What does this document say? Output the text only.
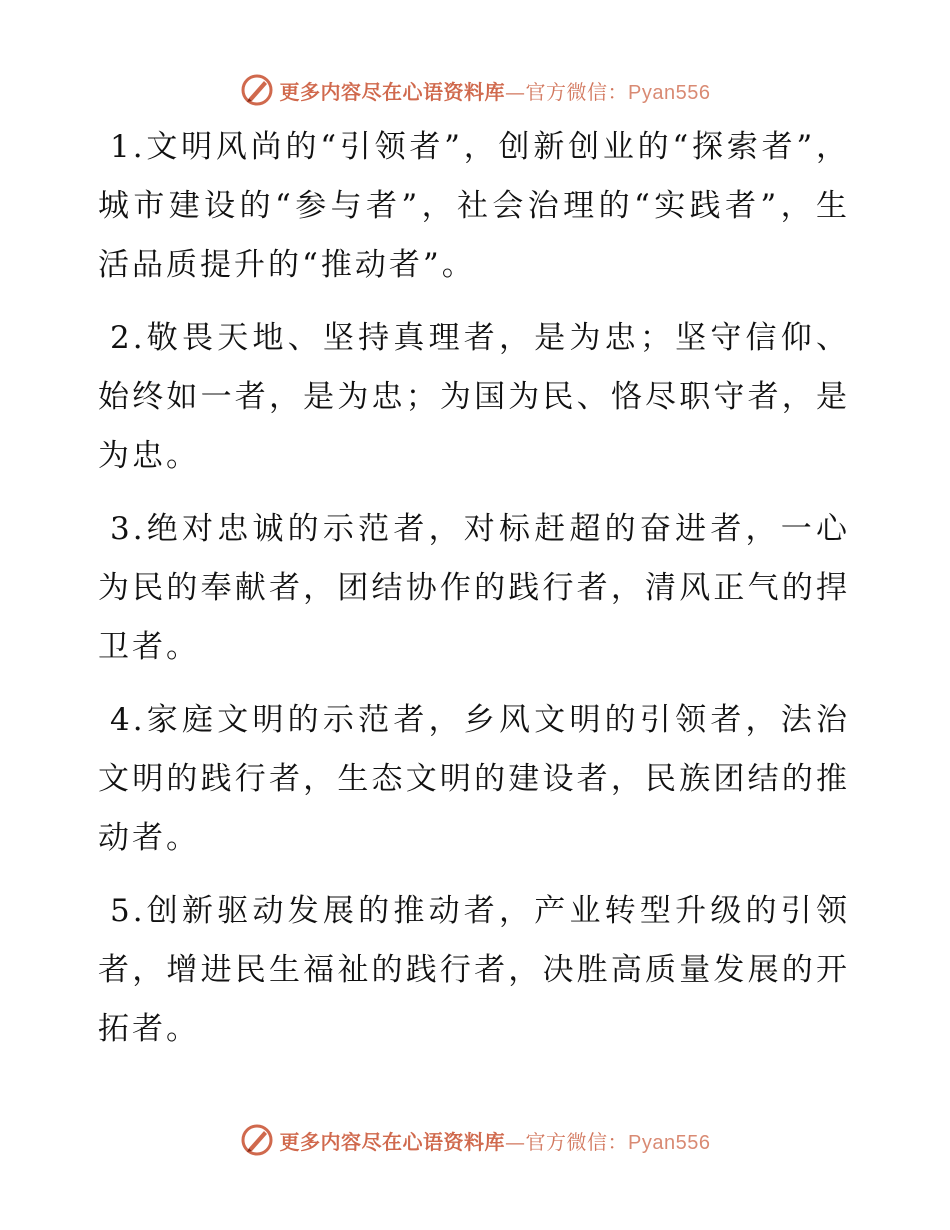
更多内容尽在心语资料库—官方微信：Pyan556

1.文明风尚的“引领者”，创新创业的“探索者”，城市建设的“参与者”，社会治理的“实践者”，生活品质提升的“推动者”。

2.敬畏天地、坚持真理者，是为忠；坚守信仰、始终如一者，是为忠；为国为民、恪尽职守者，是为忠。

3.绝对忠诚的示范者，对标赶超的奋进者，一心为民的奉献者，团结协作的践行者，清风正气的捍卫者。

4.家庭文明的示范者，乡风文明的引领者，法治文明的践行者，生态文明的建设者，民族团结的推动者。

5.创新驱动发展的推动者，产业转型升级的引领者，增进民生福祉的践行者，决胜高质量发展的开拓者。

更多内容尽在心语资料库—官方微信：Pyan556
